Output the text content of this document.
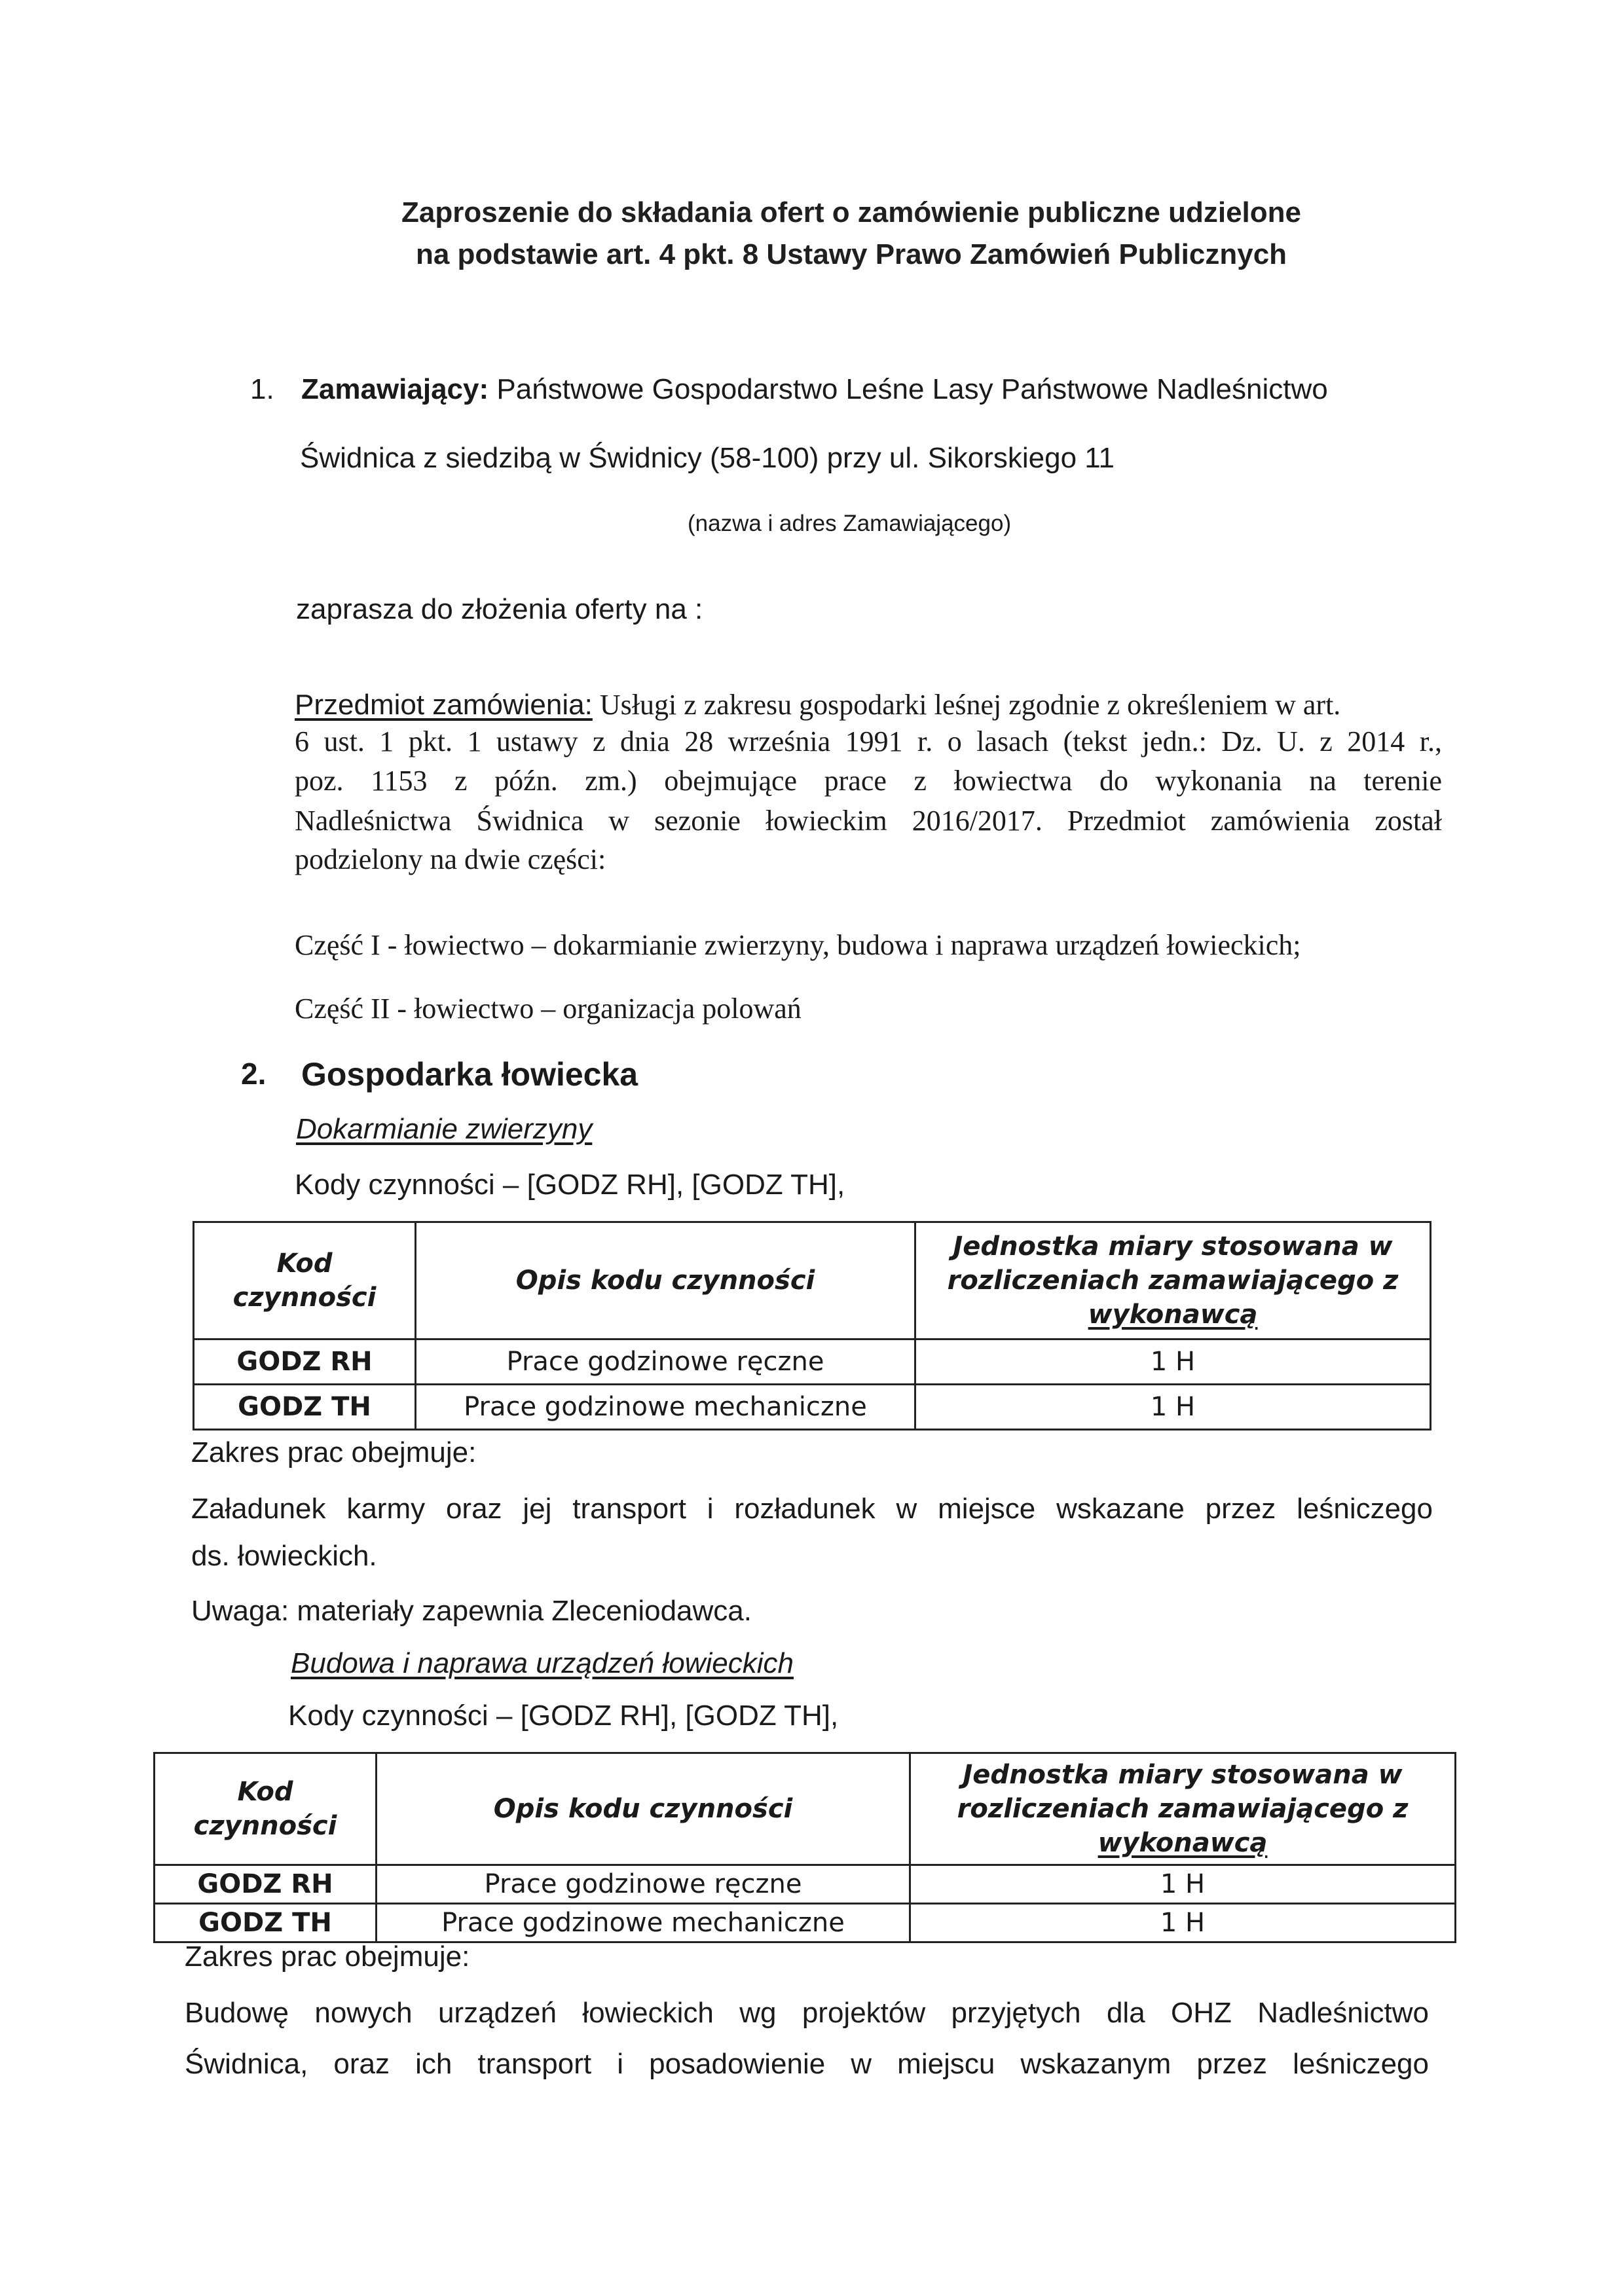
Zaproszenie do składania ofert o zamówienie publiczne udzielone
na podstawie art. 4 pkt. 8 Ustawy Prawo Zamówień Publicznych
1. Zamawiający: Państwowe Gospodarstwo Leśne Lasy Państwowe Nadleśnictwo
Świdnica z siedzibą w Świdnicy (58-100) przy ul. Sikorskiego 11
(nazwa i adres Zamawiającego)
zaprasza do złożenia oferty na :
Przedmiot zamówienia: Usługi z zakresu gospodarki leśnej zgodnie z określeniem w art.
6 ust. 1 pkt. 1 ustawy z dnia 28 września 1991 r. o lasach (tekst jedn.: Dz. U. z 2014 r.,
poz. 1153 z późn. zm.) obejmujące prace z łowiectwa do wykonania na terenie
Nadleśnictwa Świdnica w sezonie łowieckim 2016/2017. Przedmiot zamówienia został
podzielony na dwie części:
Część I - łowiectwo – dokarmianie zwierzyny, budowa i naprawa urządzeń łowieckich;
Część II - łowiectwo – organizacja polowań
2. Gospodarka łowiecka
Dokarmianie zwierzyny
Kody czynności – [GODZ RH], [GODZ TH],
Kod
czynności	Opis kodu czynności	Jednostka miary stosowana w
rozliczeniach zamawiającego z
wykonawcą

GODZ RH	Prace godzinowe ręczne	1 H
GODZ TH	Prace godzinowe mechaniczne	1 H
Zakres prac obejmuje:
Załadunek karmy oraz jej transport i rozładunek w miejsce wskazane przez leśniczego
ds. łowieckich.
Uwaga: materiały zapewnia Zleceniodawca.
Budowa i naprawa urządzeń łowieckich
Kody czynności – [GODZ RH], [GODZ TH],
Kod
czynności	Opis kodu czynności	Jednostka miary stosowana w
rozliczeniach zamawiającego z
wykonawcą

GODZ RH	Prace godzinowe ręczne	1 H
GODZ TH	Prace godzinowe mechaniczne	1 H
Zakres prac obejmuje:
Budowę nowych urządzeń łowieckich wg projektów przyjętych dla OHZ Nadleśnictwo
Świdnica, oraz ich transport i posadowienie w miejscu wskazanym przez leśniczego
